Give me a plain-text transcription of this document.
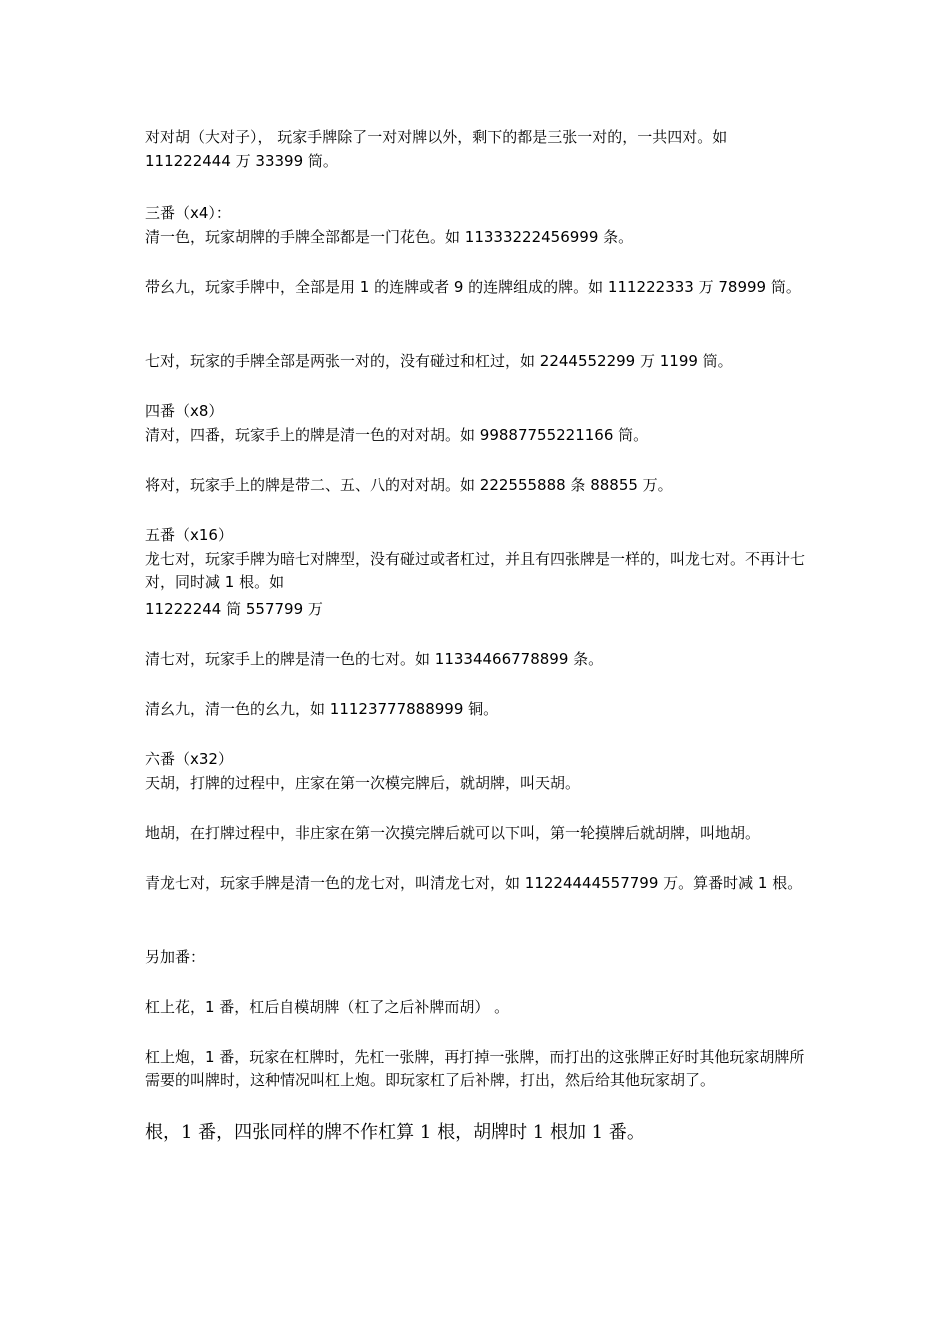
对对胡（大对子）， 玩家手牌除了一对对牌以外，剩下的都是三张一对的，一共四对。如
111222444 万 33399 筒。
三番（x4）：
清一色，玩家胡牌的手牌全部都是一门花色。如 11333222456999 条。
带幺九，玩家手牌中，全部是用 1 的连牌或者 9 的连牌组成的牌。如 111222333 万 78999 筒。
七对，玩家的手牌全部是两张一对的，没有碰过和杠过，如 2244552299 万 1199 筒。
四番（x8）
清对，四番，玩家手上的牌是清一色的对对胡。如 99887755221166 筒。
将对，玩家手上的牌是带二、五、八的对对胡。如 222555888 条 88855 万。
五番（x16）
龙七对，玩家手牌为暗七对牌型，没有碰过或者杠过，并且有四张牌是一样的，叫龙七对。不再计七对，同时减 1 根。如
11222244 筒 557799 万
清七对，玩家手上的牌是清一色的七对。如 11334466778899 条。
清幺九，清一色的幺九，如 11123777888999 铜。
六番（x32）
天胡，打牌的过程中，庄家在第一次模完牌后，就胡牌，叫天胡。
地胡，在打牌过程中，非庄家在第一次摸完牌后就可以下叫，第一轮摸牌后就胡牌，叫地胡。
青龙七对，玩家手牌是清一色的龙七对，叫清龙七对，如 11224444557799 万。算番时减 1 根。
另加番：
杠上花，1 番，杠后自模胡牌（杠了之后补牌而胡） 。
杠上炮，1 番，玩家在杠牌时，先杠一张牌，再打掉一张牌，而打出的这张牌正好时其他玩家胡牌所需要的叫牌时，这种情况叫杠上炮。即玩家杠了后补牌，打出，然后给其他玩家胡了。
根，1 番，四张同样的牌不作杠算 1 根，胡牌时 1 根加 1 番。
